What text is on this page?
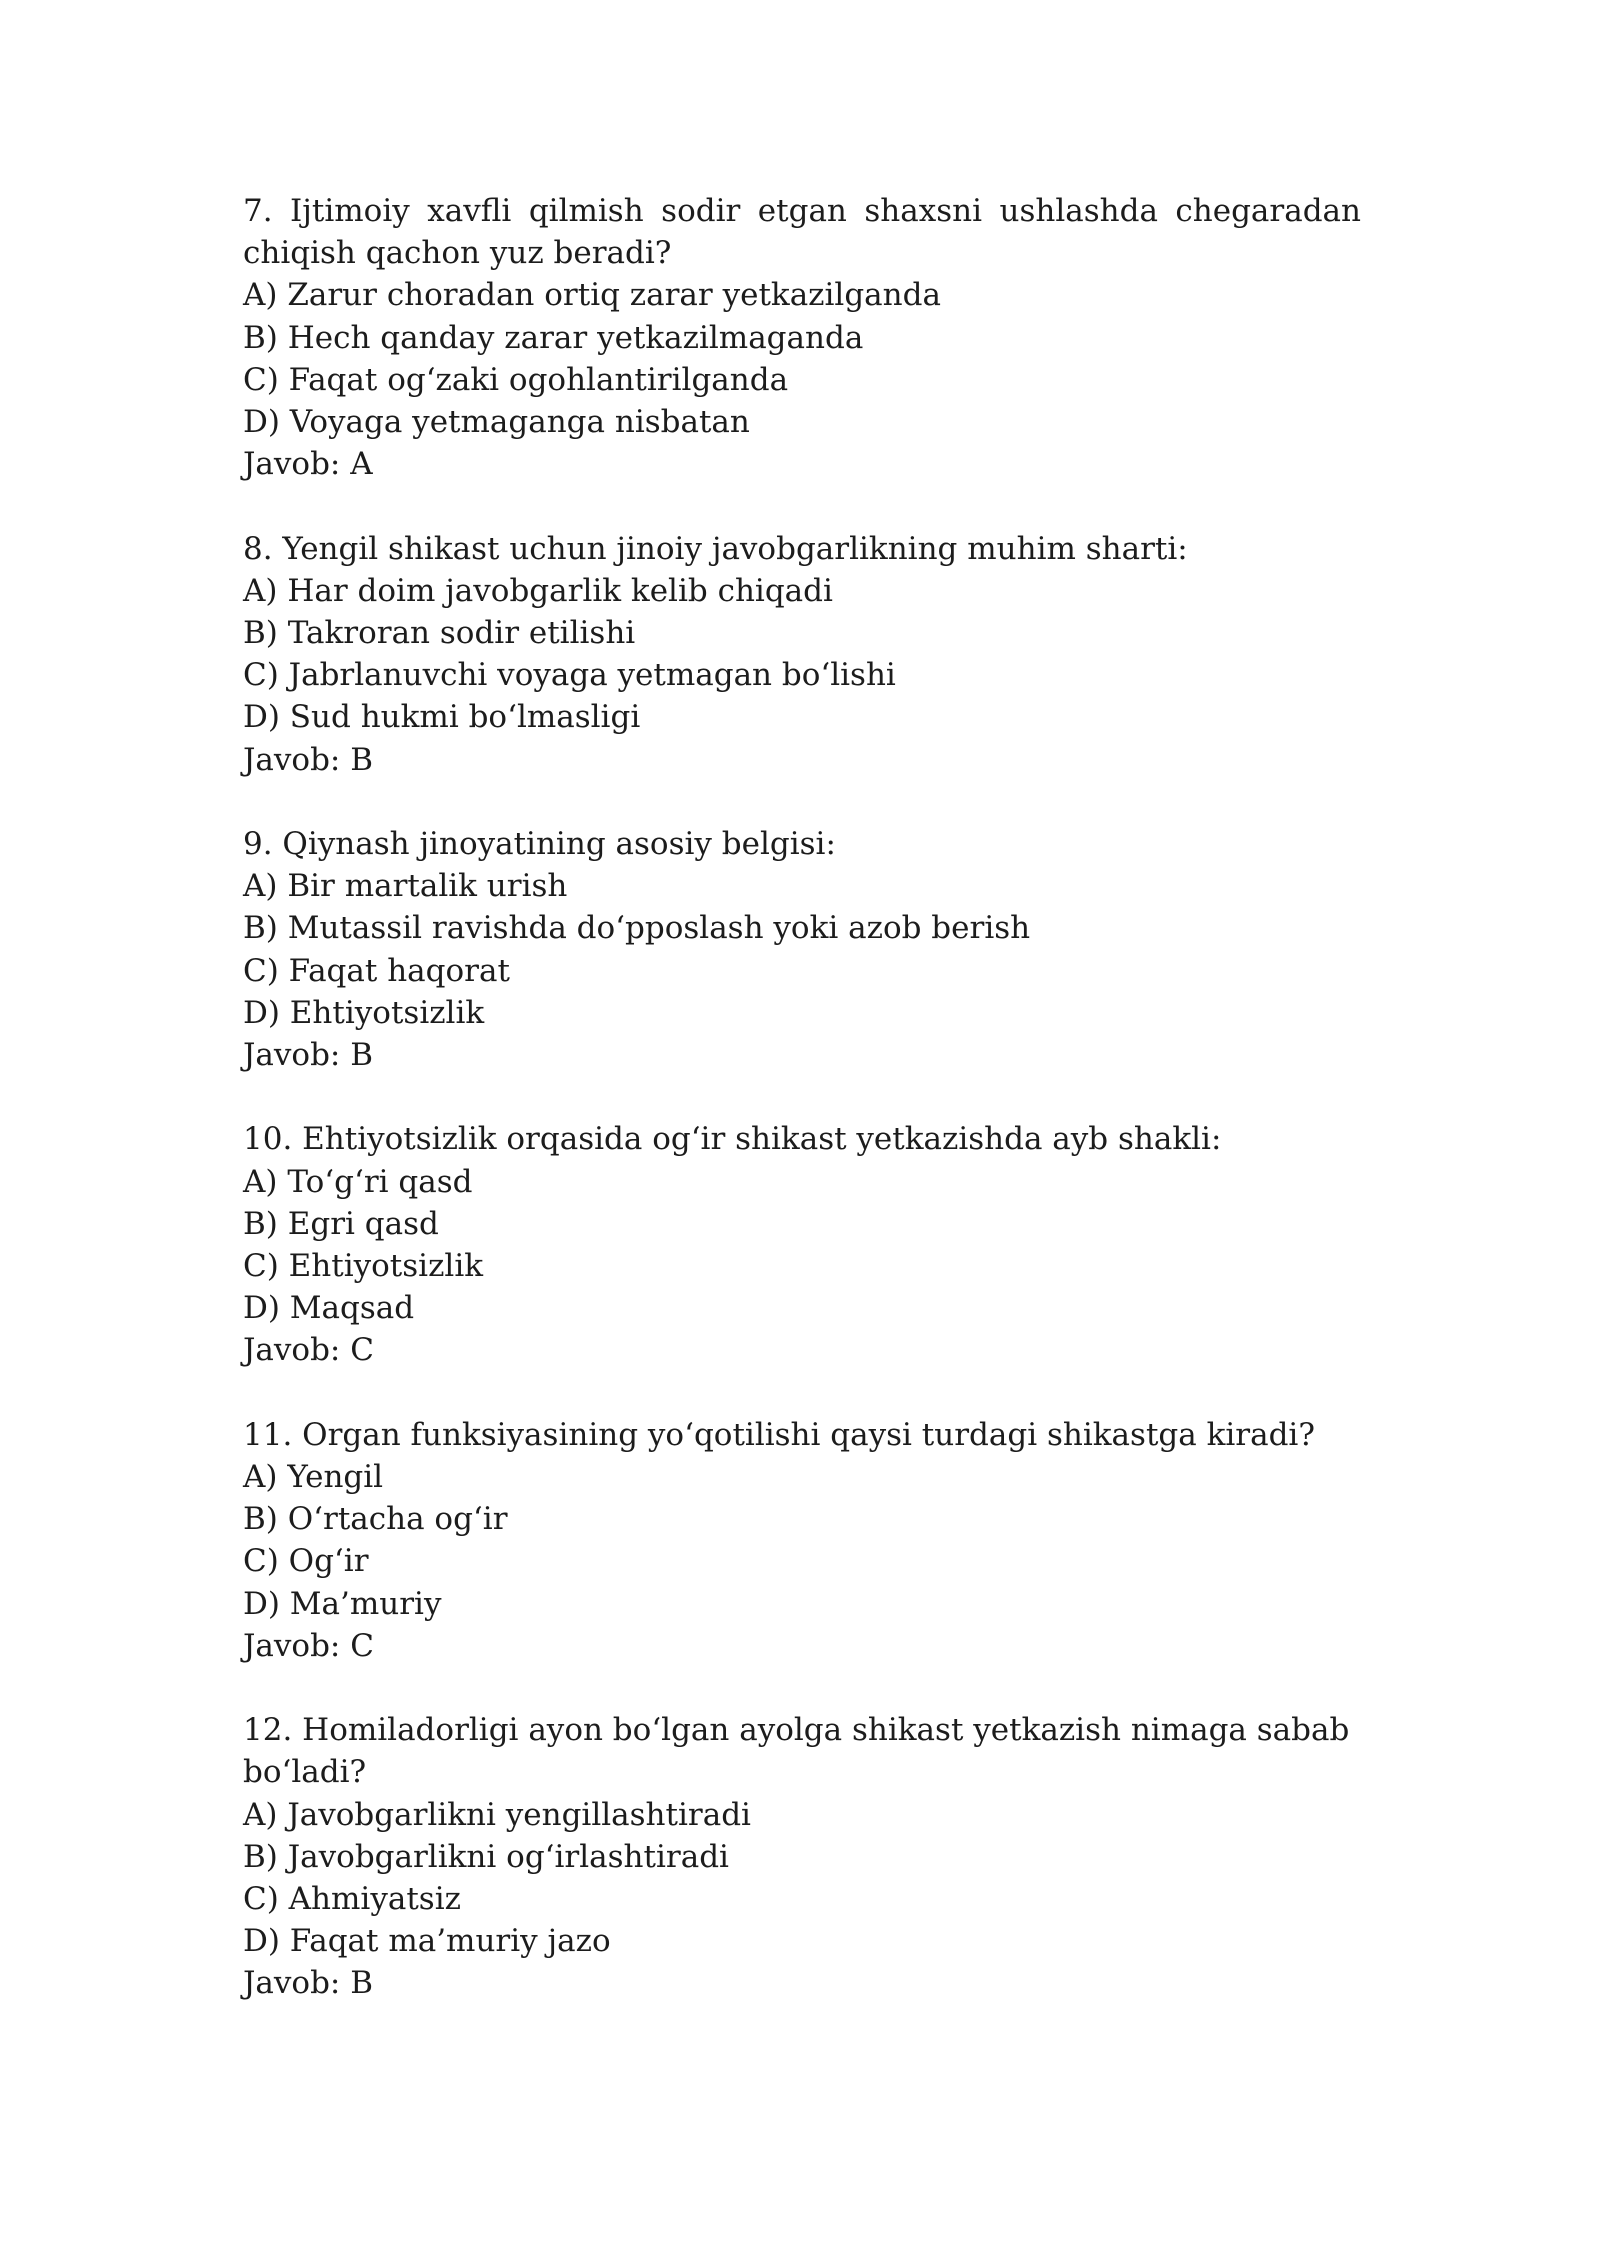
7. Ijtimoiy xavfli qilmish sodir etgan shaxsni ushlashda chegaradan chiqish qachon yuz beradi?

A) Zarur choradan ortiq zarar yetkazilganda

B) Hech qanday zarar yetkazilmaganda

C) Faqat og‘zaki ogohlantirilganda

D) Voyaga yetmaganga nisbatan

Javob: A

8. Yengil shikast uchun jinoiy javobgarlikning muhim sharti:

A) Har doim javobgarlik kelib chiqadi

B) Takroran sodir etilishi

C) Jabrlanuvchi voyaga yetmagan bo‘lishi

D) Sud hukmi bo‘lmasligi

Javob: B

9. Qiynash jinoyatining asosiy belgisi:

A) Bir martalik urish

B) Mutassil ravishda do‘pposlash yoki azob berish

C) Faqat haqorat

D) Ehtiyotsizlik

Javob: B

10. Ehtiyotsizlik orqasida og‘ir shikast yetkazishda ayb shakli:

A) To‘g‘ri qasd

B) Egri qasd

C) Ehtiyotsizlik

D) Maqsad

Javob: C

11. Organ funksiyasining yo‘qotilishi qaysi turdagi shikastga kiradi?

A) Yengil

B) O‘rtacha og‘ir

C) Og‘ir

D) Ma’muriy

Javob: C

12. Homiladorligi ayon bo‘lgan ayolga shikast yetkazish nimaga sabab bo‘ladi?

A) Javobgarlikni yengillashtiradi

B) Javobgarlikni og‘irlashtiradi

C) Ahmiyatsiz

D) Faqat ma’muriy jazo

Javob: B
